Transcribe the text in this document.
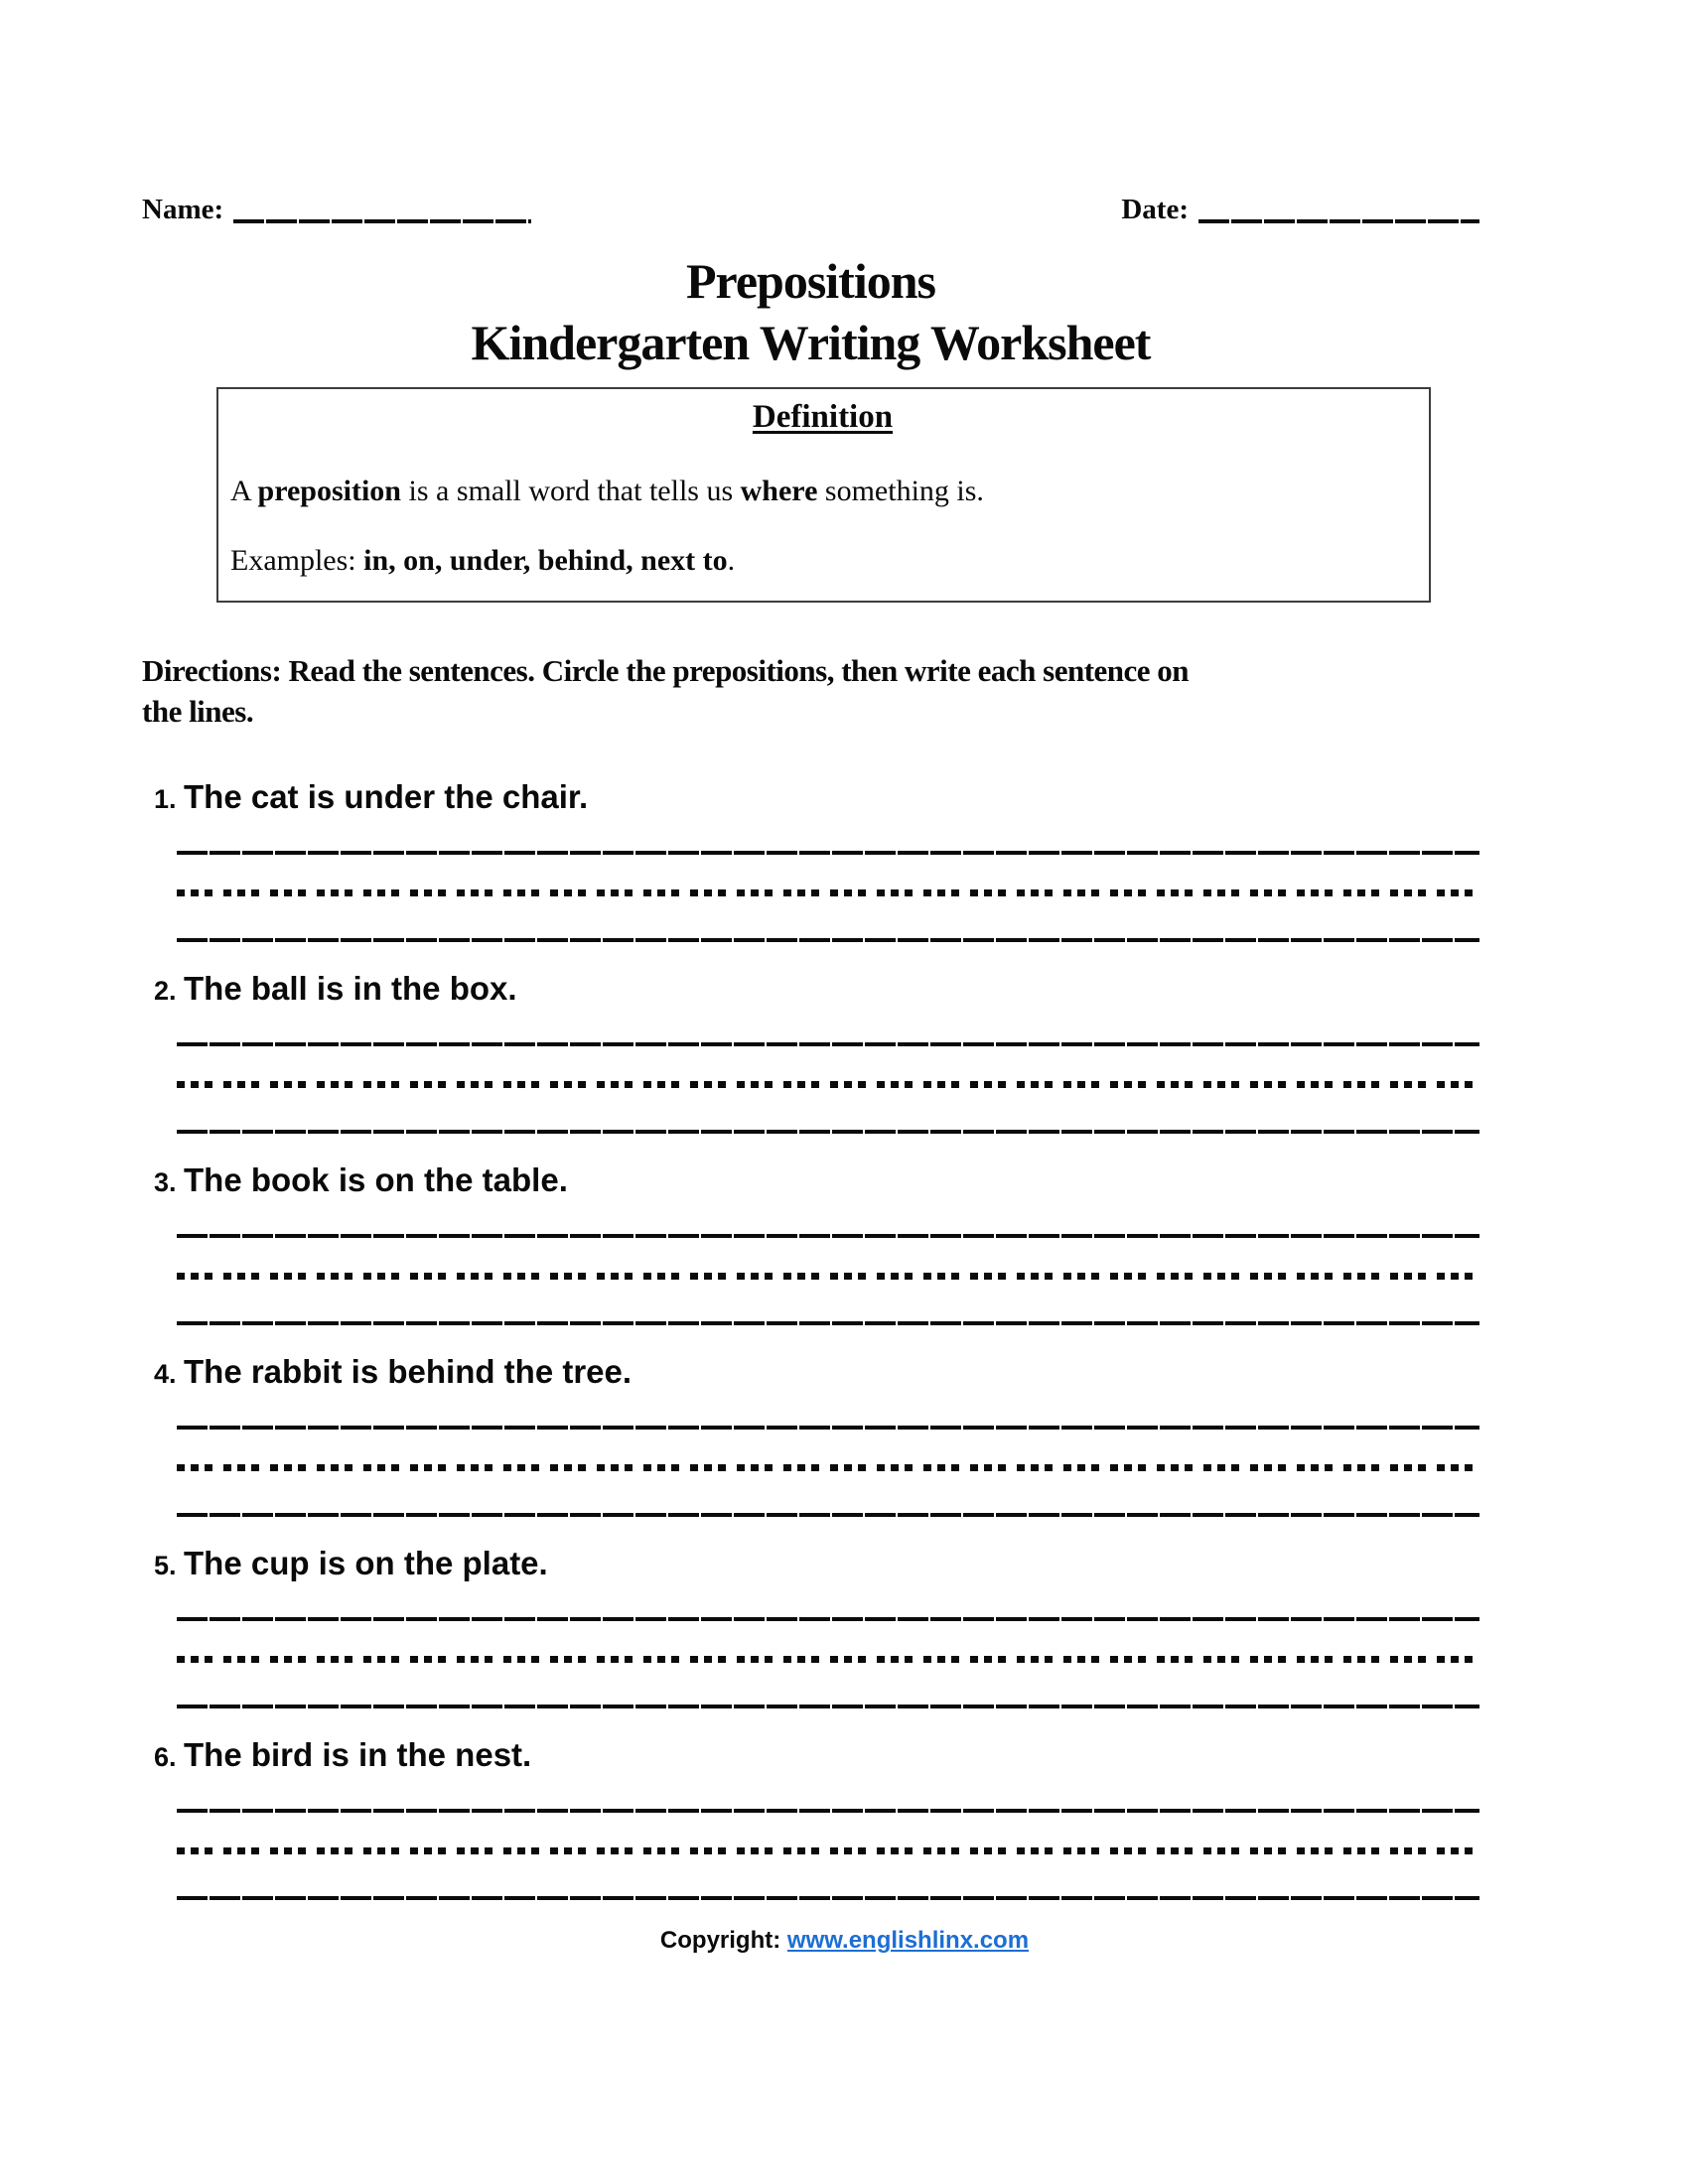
Name:	Date:
Prepositions
Kindergarten Writing Worksheet
Definition
A preposition is a small word that tells us where something is.
Examples: in, on, under, behind, next to.
Directions: Read the sentences. Circle the prepositions, then write each sentence on
the lines.
1. The cat is under the chair.
2. The ball is in the box.
3. The book is on the table.
4. The rabbit is behind the tree.
5. The cup is on the plate.
6. The bird is in the nest.
Copyright: www.englishlinx.com
